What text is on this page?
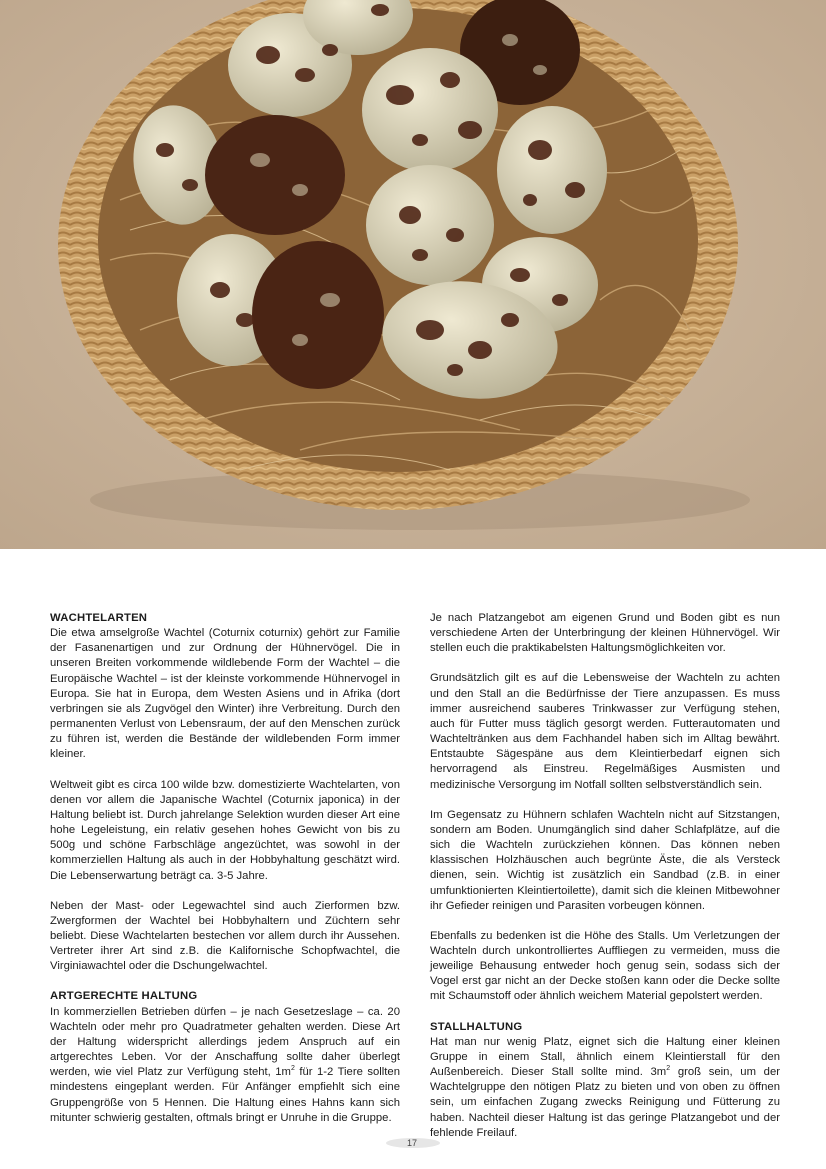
WACHTELARTEN

Die etwa amselgroße Wachtel (Coturnix coturnix) gehört zur Familie der Fasanenartigen und zur Ordnung der Hühnervögel. Die in unseren Breiten vorkommende wildlebende Form der Wachtel – die Europäische Wachtel – ist der kleinste vorkommende Hühnervogel in Europa. Sie hat in Europa, dem Westen Asiens und in Afrika (dort verbringen sie als Zugvögel den Winter) ihre Verbreitung. Durch den permanenten Verlust von Lebensraum, der auf den Menschen zurück zu führen ist, werden die Bestände der wildlebenden Form immer kleiner.

Weltweit gibt es circa 100 wilde bzw. domestizierte Wachtelarten, von denen vor allem die Japanische Wachtel (Coturnix japonica) in der Haltung beliebt ist. Durch jahrelange Selektion wurden dieser Art eine hohe Legeleistung, ein relativ gesehen hohes Gewicht von bis zu 500g und schöne Farbschläge angezüchtet, was sowohl in der kommerziellen Haltung als auch in der Hobbyhaltung geschätzt wird. Die Lebenserwartung beträgt ca. 3-5 Jahre.

Neben der Mast- oder Legewachtel sind auch Zierformen bzw. Zwergformen der Wachtel bei Hobbyhaltern und Züchtern sehr beliebt. Diese Wachtelarten bestechen vor allem durch ihr Aussehen. Vertreter ihrer Art sind z.B. die Kalifornische Schopfwachtel, die Virginiawachtel oder die Dschungelwachtel.

ARTGERECHTE HALTUNG

In kommerziellen Betrieben dürfen – je nach Gesetzeslage – ca. 20 Wachteln oder mehr pro Quadratmeter gehalten werden. Diese Art der Haltung widerspricht allerdings jedem Anspruch auf ein artgerechtes Leben. Vor der Anschaffung sollte daher überlegt werden, wie viel Platz zur Verfügung steht, $1m^2$ für 1-2 Tiere sollten mindestens eingeplant werden. Für Anfänger empfiehlt sich eine Gruppengröße von 5 Hennen. Die Haltung eines Hahns kann sich mitunter schwierig gestalten, oftmals bringt er Unruhe in die Gruppe.

Je nach Platzangebot am eigenen Grund und Boden gibt es nun verschiedene Arten der Unterbringung der kleinen Hühnervögel. Wir stellen euch die praktikabelsten Haltungsmöglichkeiten vor.

Grundsätzlich gilt es auf die Lebensweise der Wachteln zu achten und den Stall an die Bedürfnisse der Tiere anzupassen. Es muss immer ausreichend sauberes Trinkwasser zur Verfügung stehen, auch für Futter muss täglich gesorgt werden. Futterautomaten und Wachteltränken aus dem Fachhandel haben sich im Alltag bewährt. Entstaubte Sägespäne aus dem Kleintierbedarf eignen sich hervorragend als Einstreu. Regelmäßiges Ausmisten und medizinische Versorgung im Notfall sollten selbstverständlich sein.

Im Gegensatz zu Hühnern schlafen Wachteln nicht auf Sitzstangen, sondern am Boden. Unumgänglich sind daher Schlafplätze, auf die sich die Wachteln zurückziehen können. Das können neben klassischen Holzhäuschen auch begrünte Äste, die als Versteck dienen, sein. Wichtig ist zusätzlich ein Sandbad (z.B. in einer umfunktionierten Kleintiertoilette), damit sich die kleinen Mitbewohner ihr Gefieder reinigen und Parasiten vorbeugen können.

Ebenfalls zu bedenken ist die Höhe des Stalls. Um Verletzungen der Wachteln durch unkontrolliertes Auffliegen zu vermeiden, muss die jeweilige Behausung entweder hoch genug sein, sodass sich der Vogel erst gar nicht an der Decke stoßen kann oder die Decke sollte mit Schaumstoff oder ähnlich weichem Material gepolstert werden.

STALLHALTUNG

Hat man nur wenig Platz, eignet sich die Haltung einer kleinen Gruppe in einem Stall, ähnlich einem Kleintierstall für den Außenbereich. Dieser Stall sollte mind. $3m^2$ groß sein, um der Wachtelgruppe den nötigen Platz zu bieten und von oben zu öffnen sein, um einfachen Zugang zwecks Reinigung und Fütterung zu haben. Nachteil dieser Haltung ist das geringe Platzangebot und der fehlende Freilauf.

17
